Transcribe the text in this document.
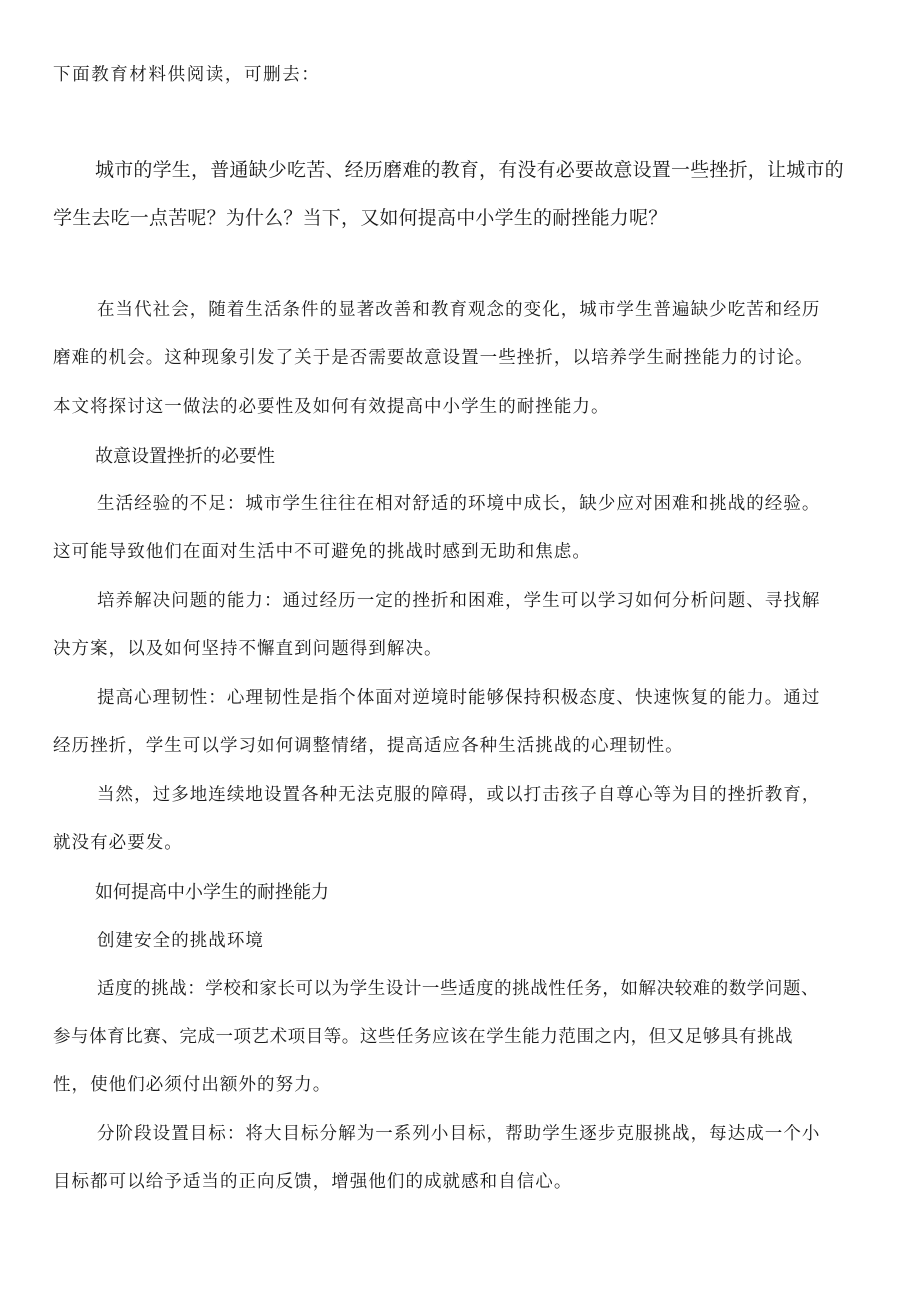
下面教育材料供阅读，可删去：

城市的学生，普通缺少吃苦、经历磨难的教育，有没有必要故意设置一些挫折，让城市的

学生去吃一点苦呢？为什么？当下，又如何提高中小学生的耐挫能力呢？

在当代社会，随着生活条件的显著改善和教育观念的变化，城市学生普遍缺少吃苦和经历

磨难的机会。这种现象引发了关于是否需要故意设置一些挫折，以培养学生耐挫能力的讨论。

本文将探讨这一做法的必要性及如何有效提高中小学生的耐挫能力。

故意设置挫折的必要性

生活经验的不足：城市学生往往在相对舒适的环境中成长，缺少应对困难和挑战的经验。

这可能导致他们在面对生活中不可避免的挑战时感到无助和焦虑。

培养解决问题的能力：通过经历一定的挫折和困难，学生可以学习如何分析问题、寻找解

决方案，以及如何坚持不懈直到问题得到解决。

提高心理韧性：心理韧性是指个体面对逆境时能够保持积极态度、快速恢复的能力。通过

经历挫折，学生可以学习如何调整情绪，提高适应各种生活挑战的心理韧性。

当然，过多地连续地设置各种无法克服的障碍，或以打击孩子自尊心等为目的挫折教育，

就没有必要发。

如何提高中小学生的耐挫能力

创建安全的挑战环境

适度的挑战：学校和家长可以为学生设计一些适度的挑战性任务，如解决较难的数学问题、

参与体育比赛、完成一项艺术项目等。这些任务应该在学生能力范围之内，但又足够具有挑战

性，使他们必须付出额外的努力。

分阶段设置目标：将大目标分解为一系列小目标，帮助学生逐步克服挑战，每达成一个小

目标都可以给予适当的正向反馈，增强他们的成就感和自信心。
